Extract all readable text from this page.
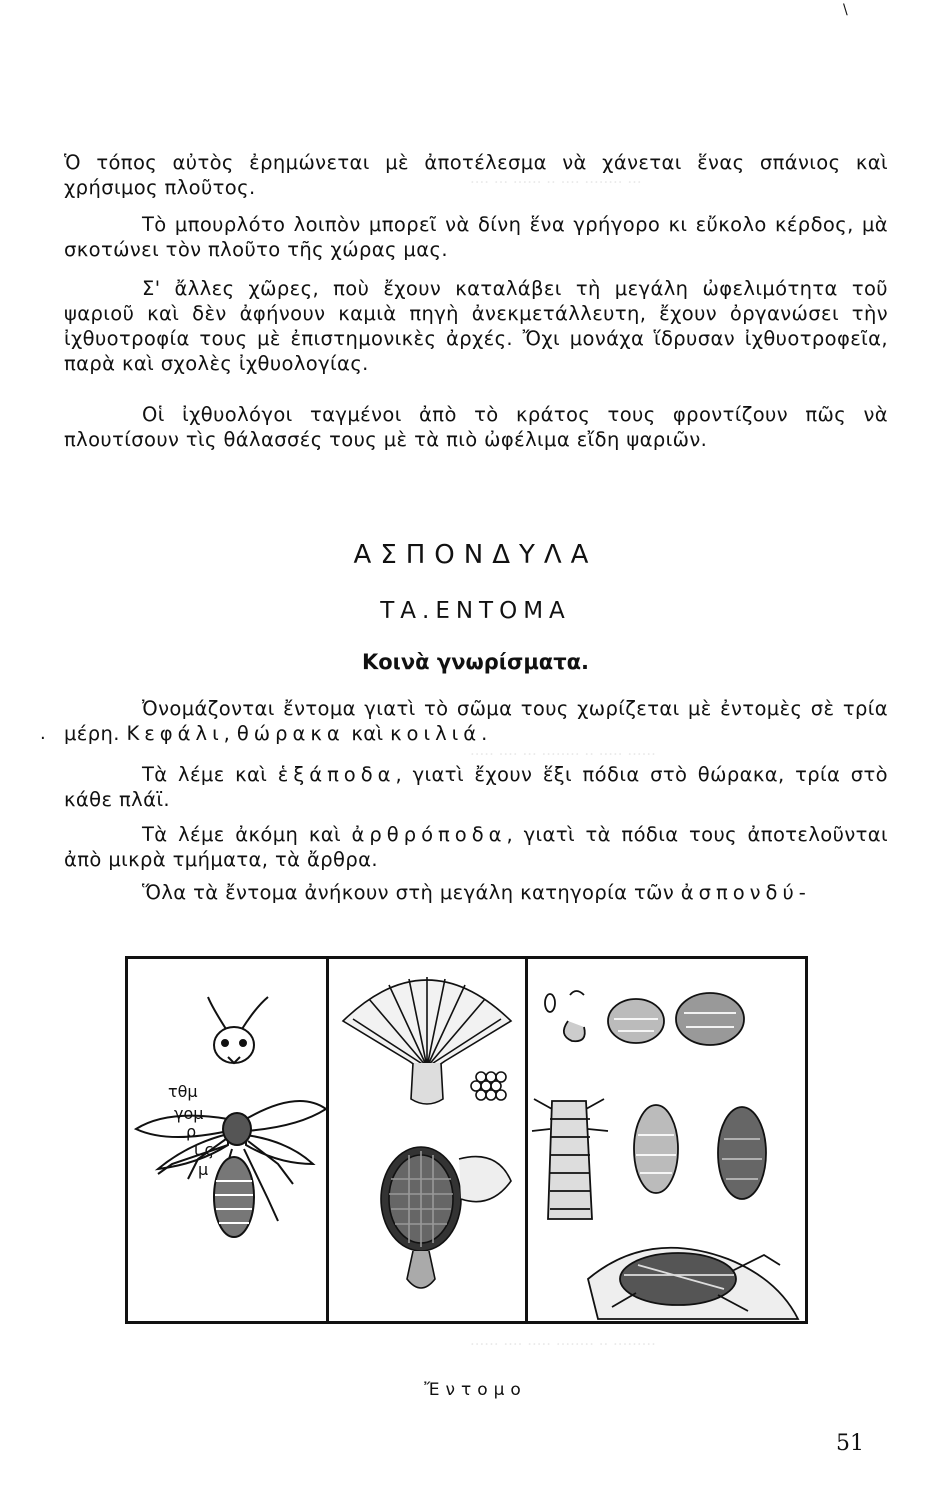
···· ··· ······ ·· ···· ········ ···
····· ···· ··· ········ ·· ····· ······
······ ···· ····· ········ ·· ·········
\

Ὁ τόπος αὐτὸς ἐρημώνεται μὲ ἀποτέλεσμα νὰ χάνεται ἕνας σπάνιος καὶ χρήσιμος πλοῦτος.

Τὸ μπουρλότο λοιπὸν μπορεῖ νὰ δίνη ἕνα γρήγορο κι εὔκολο κέρδος, μὰ σκοτώνει τὸν πλοῦτο τῆς χώρας μας.

Σ' ἄλλες χῶρες, ποὺ ἔχουν καταλάβει τὴ μεγάλη ὠφελιμότητα τοῦ ψαριοῦ καὶ δὲν ἀφήνουν καμιὰ πηγὴ ἀνεκμετάλλευτη, ἔχουν ὀργανώσει τὴν ἰχθυοτροφία τους μὲ ἐπιστημονικὲς ἀρχές. Ὄχι μονάχα ἵδρυσαν ἰχθυοτροφεῖα, παρὰ καὶ σχολὲς ἰχθυολογίας.

Οἱ ἰχθυολόγοι ταγμένοι ἀπὸ τὸ κράτος τους φροντίζουν πῶς νὰ πλουτίσουν τὶς θάλασσές τους μὲ τὰ πιὸ ὠφέλιμα εἴδη ψαριῶν.

ΑΣΠΟΝΔΥΛΑ
ΤΑ.ΕΝΤΟΜΑ
Κοινὰ γνωρίσματα.
·

Ὀνομάζονται ἔντομα γιατὶ τὸ σῶμα τους χωρίζεται μὲ ἐντομὲς σὲ τρία μέρη. Κεφάλι, θώρακα καὶ κοιλιά.

Τὰ λέμε καὶ ἑξάποδα, γιατὶ ἔχουν ἕξι πόδια στὸ θώρακα, τρία στὸ κάθε πλάϊ.

Τὰ λέμε ἀκόμη καὶ ἀρθρόποδα, γιατὶ τὰ πόδια τους ἀποτελοῦνται ἀπὸ μικρὰ τμήματα, τὰ ἄρθρα.

Ὅλα τὰ ἔντομα ἀνήκουν στὴ μεγάλη κατηγορία τῶν ἀσπονδύ-

τθμ
γομ
ρ
ι ς
μ
Ἔντομο
51
